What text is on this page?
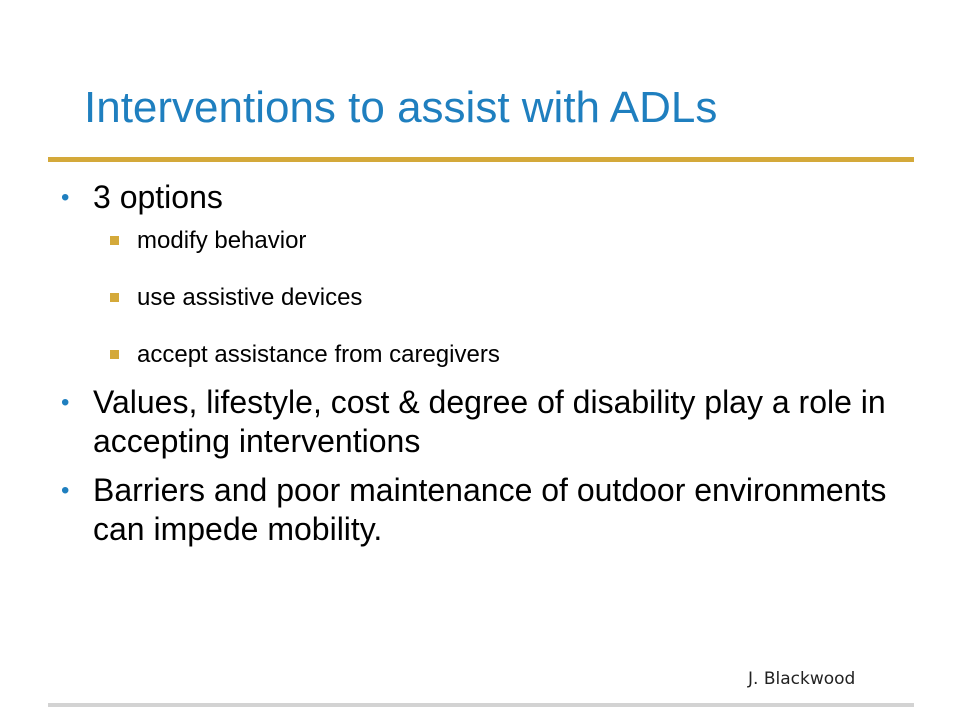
Interventions to assist with ADLs
• 3 options
modify behavior
use assistive devices
accept assistance from caregivers
• Values, lifestyle, cost & degree of disability play a role in accepting interventions
• Barriers and poor maintenance of outdoor environments can impede mobility.
J. Blackwood
